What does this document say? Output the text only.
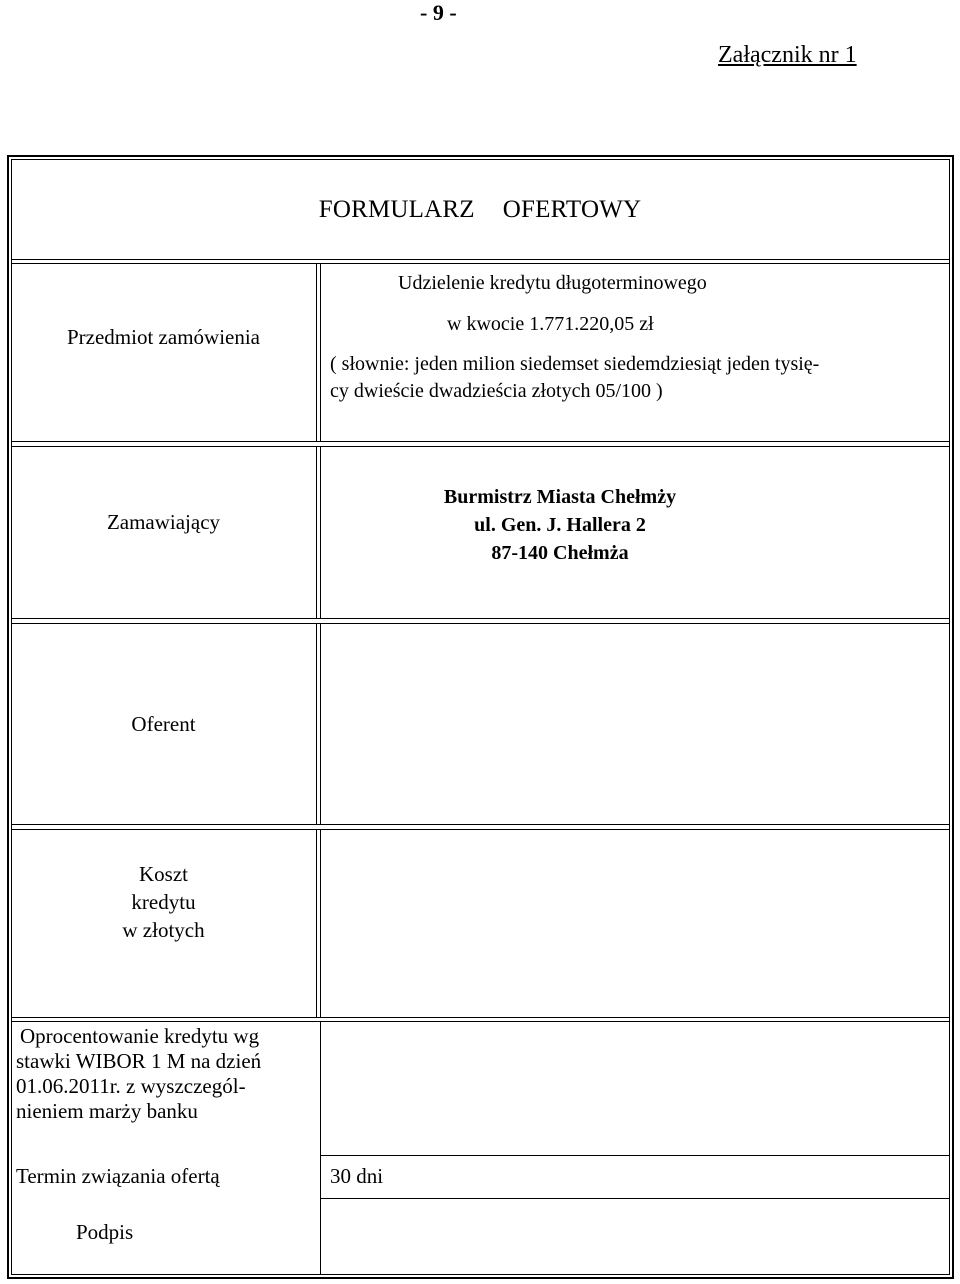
- 9 -
Załącznik nr 1
FORMULARZ OFERTOWY
Przedmiot zamówienia
Udzielenie kredytu długoterminowego
w kwocie 1.771.220,05 zł
( słownie: jeden milion siedemset siedemdziesiąt jeden tysię-
cy dwieście dwadzieścia złotych 05/100 )
Zamawiający
Burmistrz Miasta Chełmży
ul. Gen. J. Hallera 2
87-140 Chełmża
Oferent
Koszt
kredytu
w złotych
Oprocentowanie kredytu wg
stawki WIBOR 1 M na dzień
01.06.2011r. z wyszczegól-
nieniem marży banku
Termin związania ofertą	30 dni
Podpis
